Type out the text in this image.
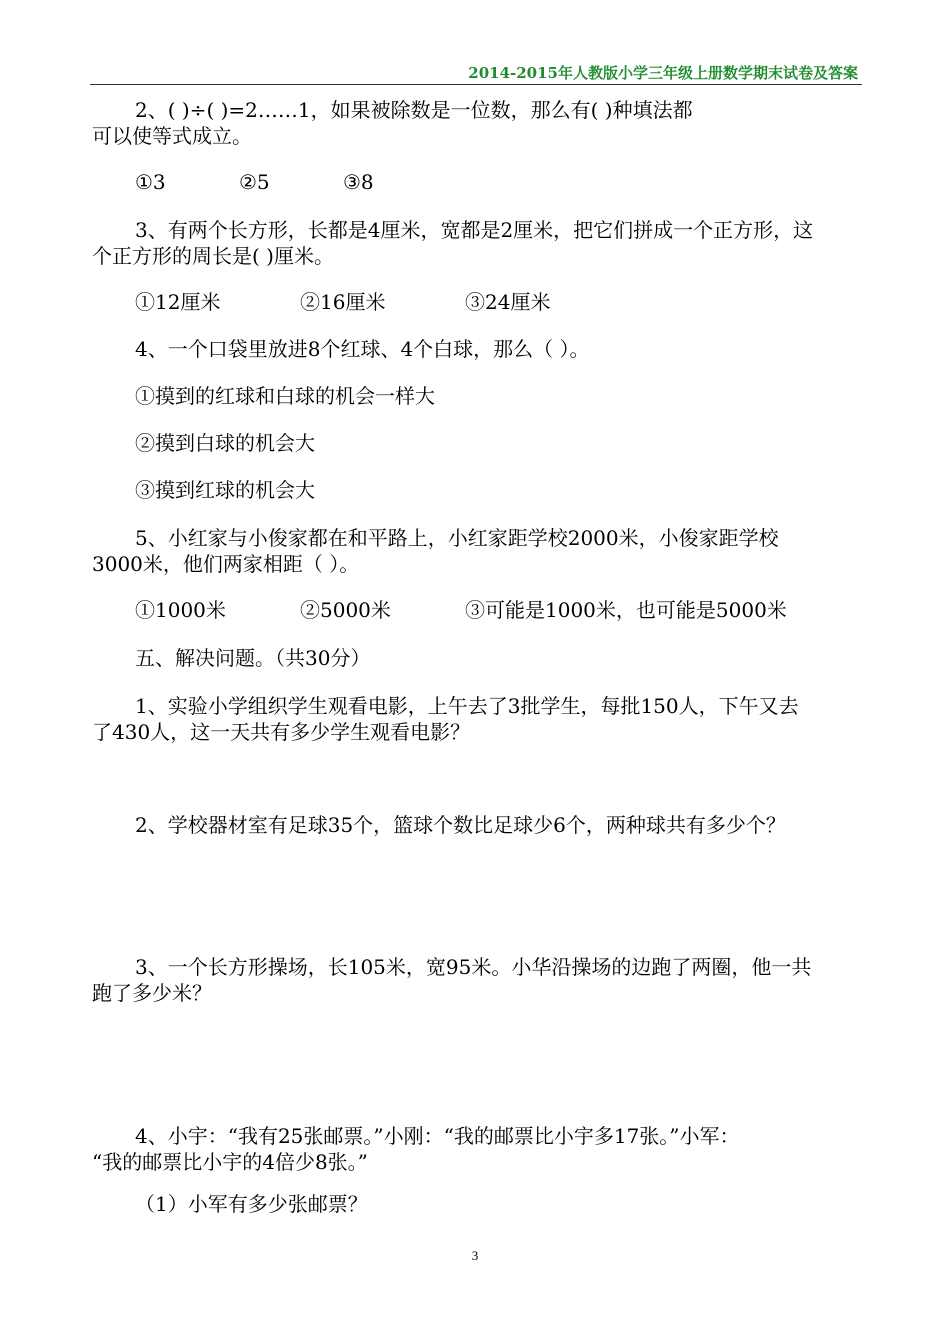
2014-2015年人教版小学三年级上册数学期末试卷及答案
2、( )÷( )=2……1，如果被除数是一位数，那么有( )种填法都
可以使等式成立。
①3	②5	③8
3、有两个长方形，长都是4厘米，宽都是2厘米，把它们拼成一个正方形，这
个正方形的周长是( )厘米。
①12厘米	②16厘米	③24厘米
4、一个口袋里放进8个红球、4个白球，那么（ ）。
①摸到的红球和白球的机会一样大
②摸到白球的机会大
③摸到红球的机会大
5、小红家与小俊家都在和平路上，小红家距学校2000米，小俊家距学校
3000米，他们两家相距（ ）。
①1000米	②5000米	③可能是1000米，也可能是5000米
五、解决问题。（共30分）
1、实验小学组织学生观看电影，上午去了3批学生，每批150人，下午又去
了430人，这一天共有多少学生观看电影？
2、学校器材室有足球35个，篮球个数比足球少6个，两种球共有多少个？
3、一个长方形操场，长105米，宽95米。小华沿操场的边跑了两圈，他一共
跑了多少米？
4、小宇：“我有25张邮票。”小刚：“我的邮票比小宇多17张。”小军：
“我的邮票比小宇的4倍少8张。”
（1）小军有多少张邮票？
3
